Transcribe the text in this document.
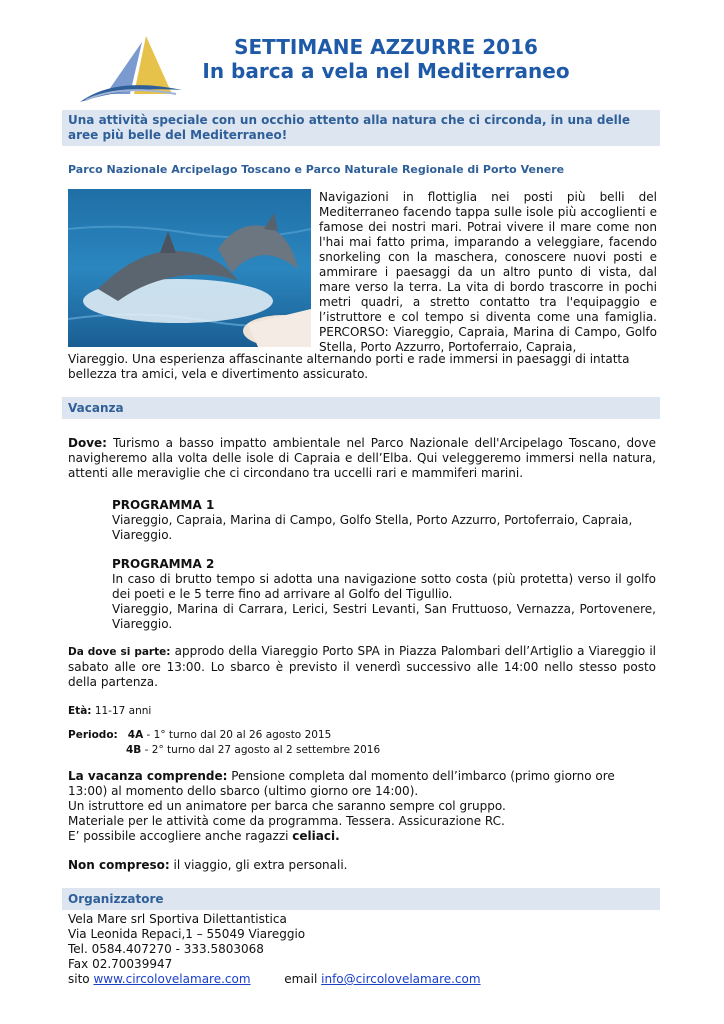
SETTIMANE AZZURRE 2016
In barca a vela nel Mediterraneo
Una attività speciale con un occhio attento alla natura che ci circonda, in una delle aree più belle del Mediterraneo!
Parco Nazionale Arcipelago Toscano e Parco Naturale Regionale di Porto Venere
Navigazioni in flottiglia nei posti più belli del Mediterraneo facendo tappa sulle isole più accoglienti e famose dei nostri mari. Potrai vivere il mare come non l'hai mai fatto prima, imparando a veleggiare, facendo snorkeling con la maschera, conoscere nuovi posti e ammirare i paesaggi da un altro punto di vista, dal mare verso la terra. La vita di bordo trascorre in pochi metri quadri, a stretto contatto tra l'equipaggio e l’istruttore e col tempo si diventa come una famiglia. PERCORSO: Viareggio, Capraia, Marina di Campo, Golfo Stella, Porto Azzurro, Portoferraio, Capraia,
Viareggio. Una esperienza affascinante alternando porti e rade immersi in paesaggi di intatta bellezza tra amici, vela e divertimento assicurato.
Vacanza
Dove: Turismo a basso impatto ambientale nel Parco Nazionale dell'Arcipelago Toscano, dove navigheremo alla volta delle isole di Capraia e dell’Elba. Qui veleggeremo immersi nella natura, attenti alle meraviglie che ci circondano tra uccelli rari e mammiferi marini.
PROGRAMMA 1
Viareggio, Capraia, Marina di Campo, Golfo Stella, Porto Azzurro, Portoferraio, Capraia, Viareggio.
PROGRAMMA 2
In caso di brutto tempo si adotta una navigazione sotto costa (più protetta) verso il golfo dei poeti e le 5 terre fino ad arrivare al Golfo del Tigullio.
Viareggio, Marina di Carrara, Lerici, Sestri Levanti, San Fruttuoso, Vernazza, Portovenere, Viareggio.
Da dove si parte: approdo della Viareggio Porto SPA in Piazza Palombari dell’Artiglio a Viareggio il sabato alle ore 13:00. Lo sbarco è previsto il venerdì successivo alle 14:00 nello stesso posto della partenza.
Età: 11-17 anni
Periodo: 4A - 1° turno dal 20 al 26 agosto 2015
4B - 2° turno dal 27 agosto al 2 settembre 2016
La vacanza comprende: Pensione completa dal momento dell’imbarco (primo giorno ore 13:00) al momento dello sbarco (ultimo giorno ore 14:00).
Un istruttore ed un animatore per barca che saranno sempre col gruppo.
Materiale per le attività come da programma. Tessera. Assicurazione RC.
E’ possibile accogliere anche ragazzi celiaci.
Non compreso: il viaggio, gli extra personali.
Organizzatore
Vela Mare srl Sportiva Dilettantistica
Via Leonida Repaci,1 – 55049 Viareggio
Tel. 0584.407270 - 333.5803068
Fax 02.70039947
sito www.circolovelamare.com	email info@circolovelamare.com
